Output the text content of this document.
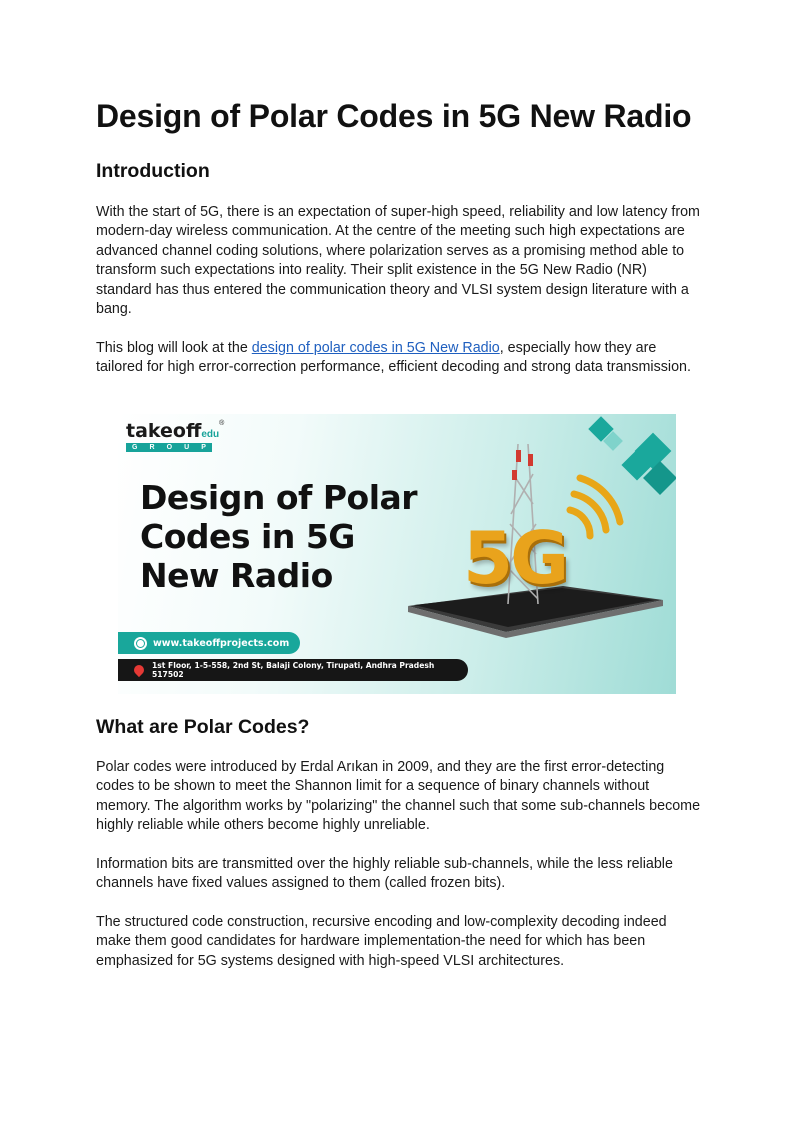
Design of Polar Codes in 5G New Radio
Introduction

With the start of 5G, there is an expectation of super-high speed, reliability and low latency from modern-day wireless communication. At the centre of the meeting such high expectations are advanced channel coding solutions, where polarization serves as a promising method able to transform such expectations into reality. Their split existence in the 5G New Radio (NR) standard has thus entered the communication theory and VLSI system design literature with a bang.

This blog will look at the design of polar codes in 5G New Radio, especially how they are tailored for high error-correction performance, efficient decoding and strong data transmission.

What are Polar Codes?

Polar codes were introduced by Erdal Arıkan in 2009, and they are the first error-detecting codes to be shown to meet the Shannon limit for a sequence of binary channels without memory. The algorithm works by "polarizing" the channel such that some sub-channels become highly reliable while others become highly unreliable.

Information bits are transmitted over the highly reliable sub-channels, while the less reliable channels have fixed values assigned to them (called frozen bits).

The structured code construction, recursive encoding and low-complexity decoding indeed make them good candidates for hardware implementation-the need for which has been emphasized for 5G systems designed with high-speed VLSI architectures.

takeoffedu®
G R O U P
Design of Polar
Codes in 5G
New Radio	5G
www.takeoffprojects.com
1st Floor, 1-5-558, 2nd St, Balaji Colony, Tirupati, Andhra Pradesh 517502
